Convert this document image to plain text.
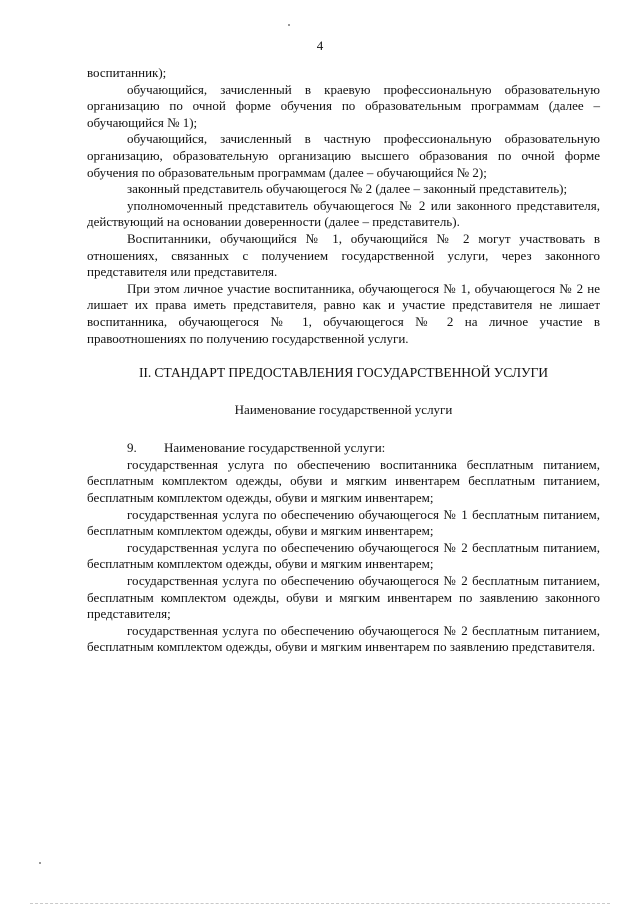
4

воспитанник);

обучающийся, зачисленный в краевую профессиональную образовательную организацию по очной форме обучения по образовательным программам (далее – обучающийся № 1);

обучающийся, зачисленный в частную профессиональную образовательную организацию, образовательную организацию высшего образования по очной форме обучения по образовательным программам (далее – обучающийся № 2);

законный представитель обучающегося № 2 (далее – законный представитель);

уполномоченный представитель обучающегося № 2 или законного представителя, действующий на основании доверенности (далее – представитель).

Воспитанники, обучающийся № 1, обучающийся № 2 могут участвовать в отношениях, связанных с получением государственной услуги, через законного представителя или представителя.

При этом личное участие воспитанника, обучающегося № 1, обучающегося № 2 не лишает их права иметь представителя, равно как и участие представителя не лишает воспитанника, обучающегося № 1, обучающегося № 2 на личное участие в правоотношениях по получению государственной услуги.

II. СТАНДАРТ ПРЕДОСТАВЛЕНИЯ ГОСУДАРСТВЕННОЙ УСЛУГИ

Наименование государственной услуги

9. Наименование государственной услуги:

государственная услуга по обеспечению воспитанника бесплатным питанием, бесплатным комплектом одежды, обуви и мягким инвентарем бесплатным питанием, бесплатным комплектом одежды, обуви и мягким инвентарем;

государственная услуга по обеспечению обучающегося № 1 бесплатным питанием, бесплатным комплектом одежды, обуви и мягким инвентарем;

государственная услуга по обеспечению обучающегося № 2 бесплатным питанием, бесплатным комплектом одежды, обуви и мягким инвентарем;

государственная услуга по обеспечению обучающегося № 2 бесплатным питанием, бесплатным комплектом одежды, обуви и мягким инвентарем по заявлению законного представителя;

государственная услуга по обеспечению обучающегося № 2 бесплатным питанием, бесплатным комплектом одежды, обуви и мягким инвентарем по заявлению представителя.
